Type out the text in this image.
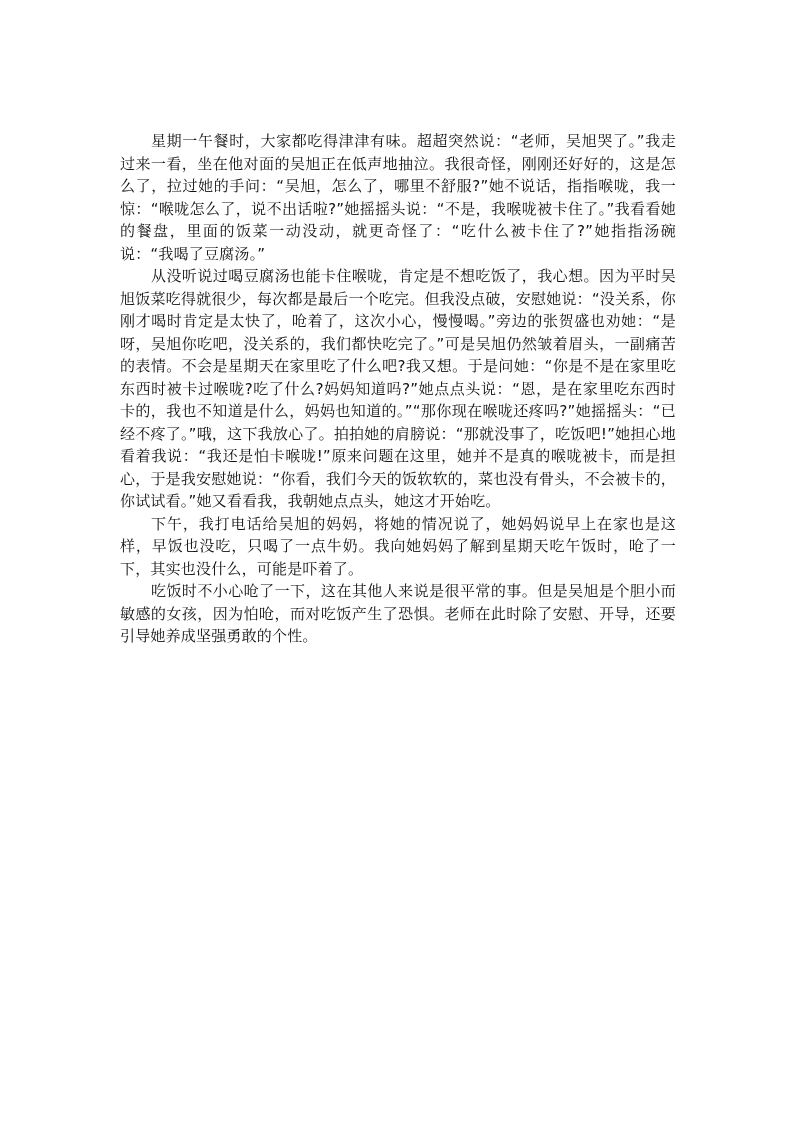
星期一午餐时，大家都吃得津津有味。超超突然说：“老师，吴旭哭了。”我走过来一看，坐在他对面的吴旭正在低声地抽泣。我很奇怪，刚刚还好好的，这是怎么了，拉过她的手问：“吴旭，怎么了，哪里不舒服?”她不说话，指指喉咙，我一惊：“喉咙怎么了，说不出话啦?”她摇摇头说：“不是，我喉咙被卡住了。”我看看她的餐盘，里面的饭菜一动没动，就更奇怪了：“吃什么被卡住了?”她指指汤碗说：“我喝了豆腐汤。”

从没听说过喝豆腐汤也能卡住喉咙，肯定是不想吃饭了，我心想。因为平时吴旭饭菜吃得就很少，每次都是最后一个吃完。但我没点破，安慰她说：“没关系，你刚才喝时肯定是太快了，呛着了，这次小心，慢慢喝。”旁边的张贺盛也劝她：“是呀，吴旭你吃吧，没关系的，我们都快吃完了。”可是吴旭仍然皱着眉头，一副痛苦的表情。不会是星期天在家里吃了什么吧?我又想。于是问她：“你是不是在家里吃东西时被卡过喉咙?吃了什么?妈妈知道吗?”她点点头说：“恩，是在家里吃东西时卡的，我也不知道是什么，妈妈也知道的。”“那你现在喉咙还疼吗?”她摇摇头：“已经不疼了。”哦，这下我放心了。拍拍她的肩膀说：“那就没事了，吃饭吧!”她担心地看着我说：“我还是怕卡喉咙!”原来问题在这里，她并不是真的喉咙被卡，而是担心，于是我安慰她说：“你看，我们今天的饭软软的，菜也没有骨头，不会被卡的，你试试看。”她又看看我，我朝她点点头，她这才开始吃。

下午，我打电话给吴旭的妈妈，将她的情况说了，她妈妈说早上在家也是这样，早饭也没吃，只喝了一点牛奶。我向她妈妈了解到星期天吃午饭时，呛了一下，其实也没什么，可能是吓着了。

吃饭时不小心呛了一下，这在其他人来说是很平常的事。但是吴旭是个胆小而敏感的女孩，因为怕呛，而对吃饭产生了恐惧。老师在此时除了安慰、开导，还要引导她养成坚强勇敢的个性。
